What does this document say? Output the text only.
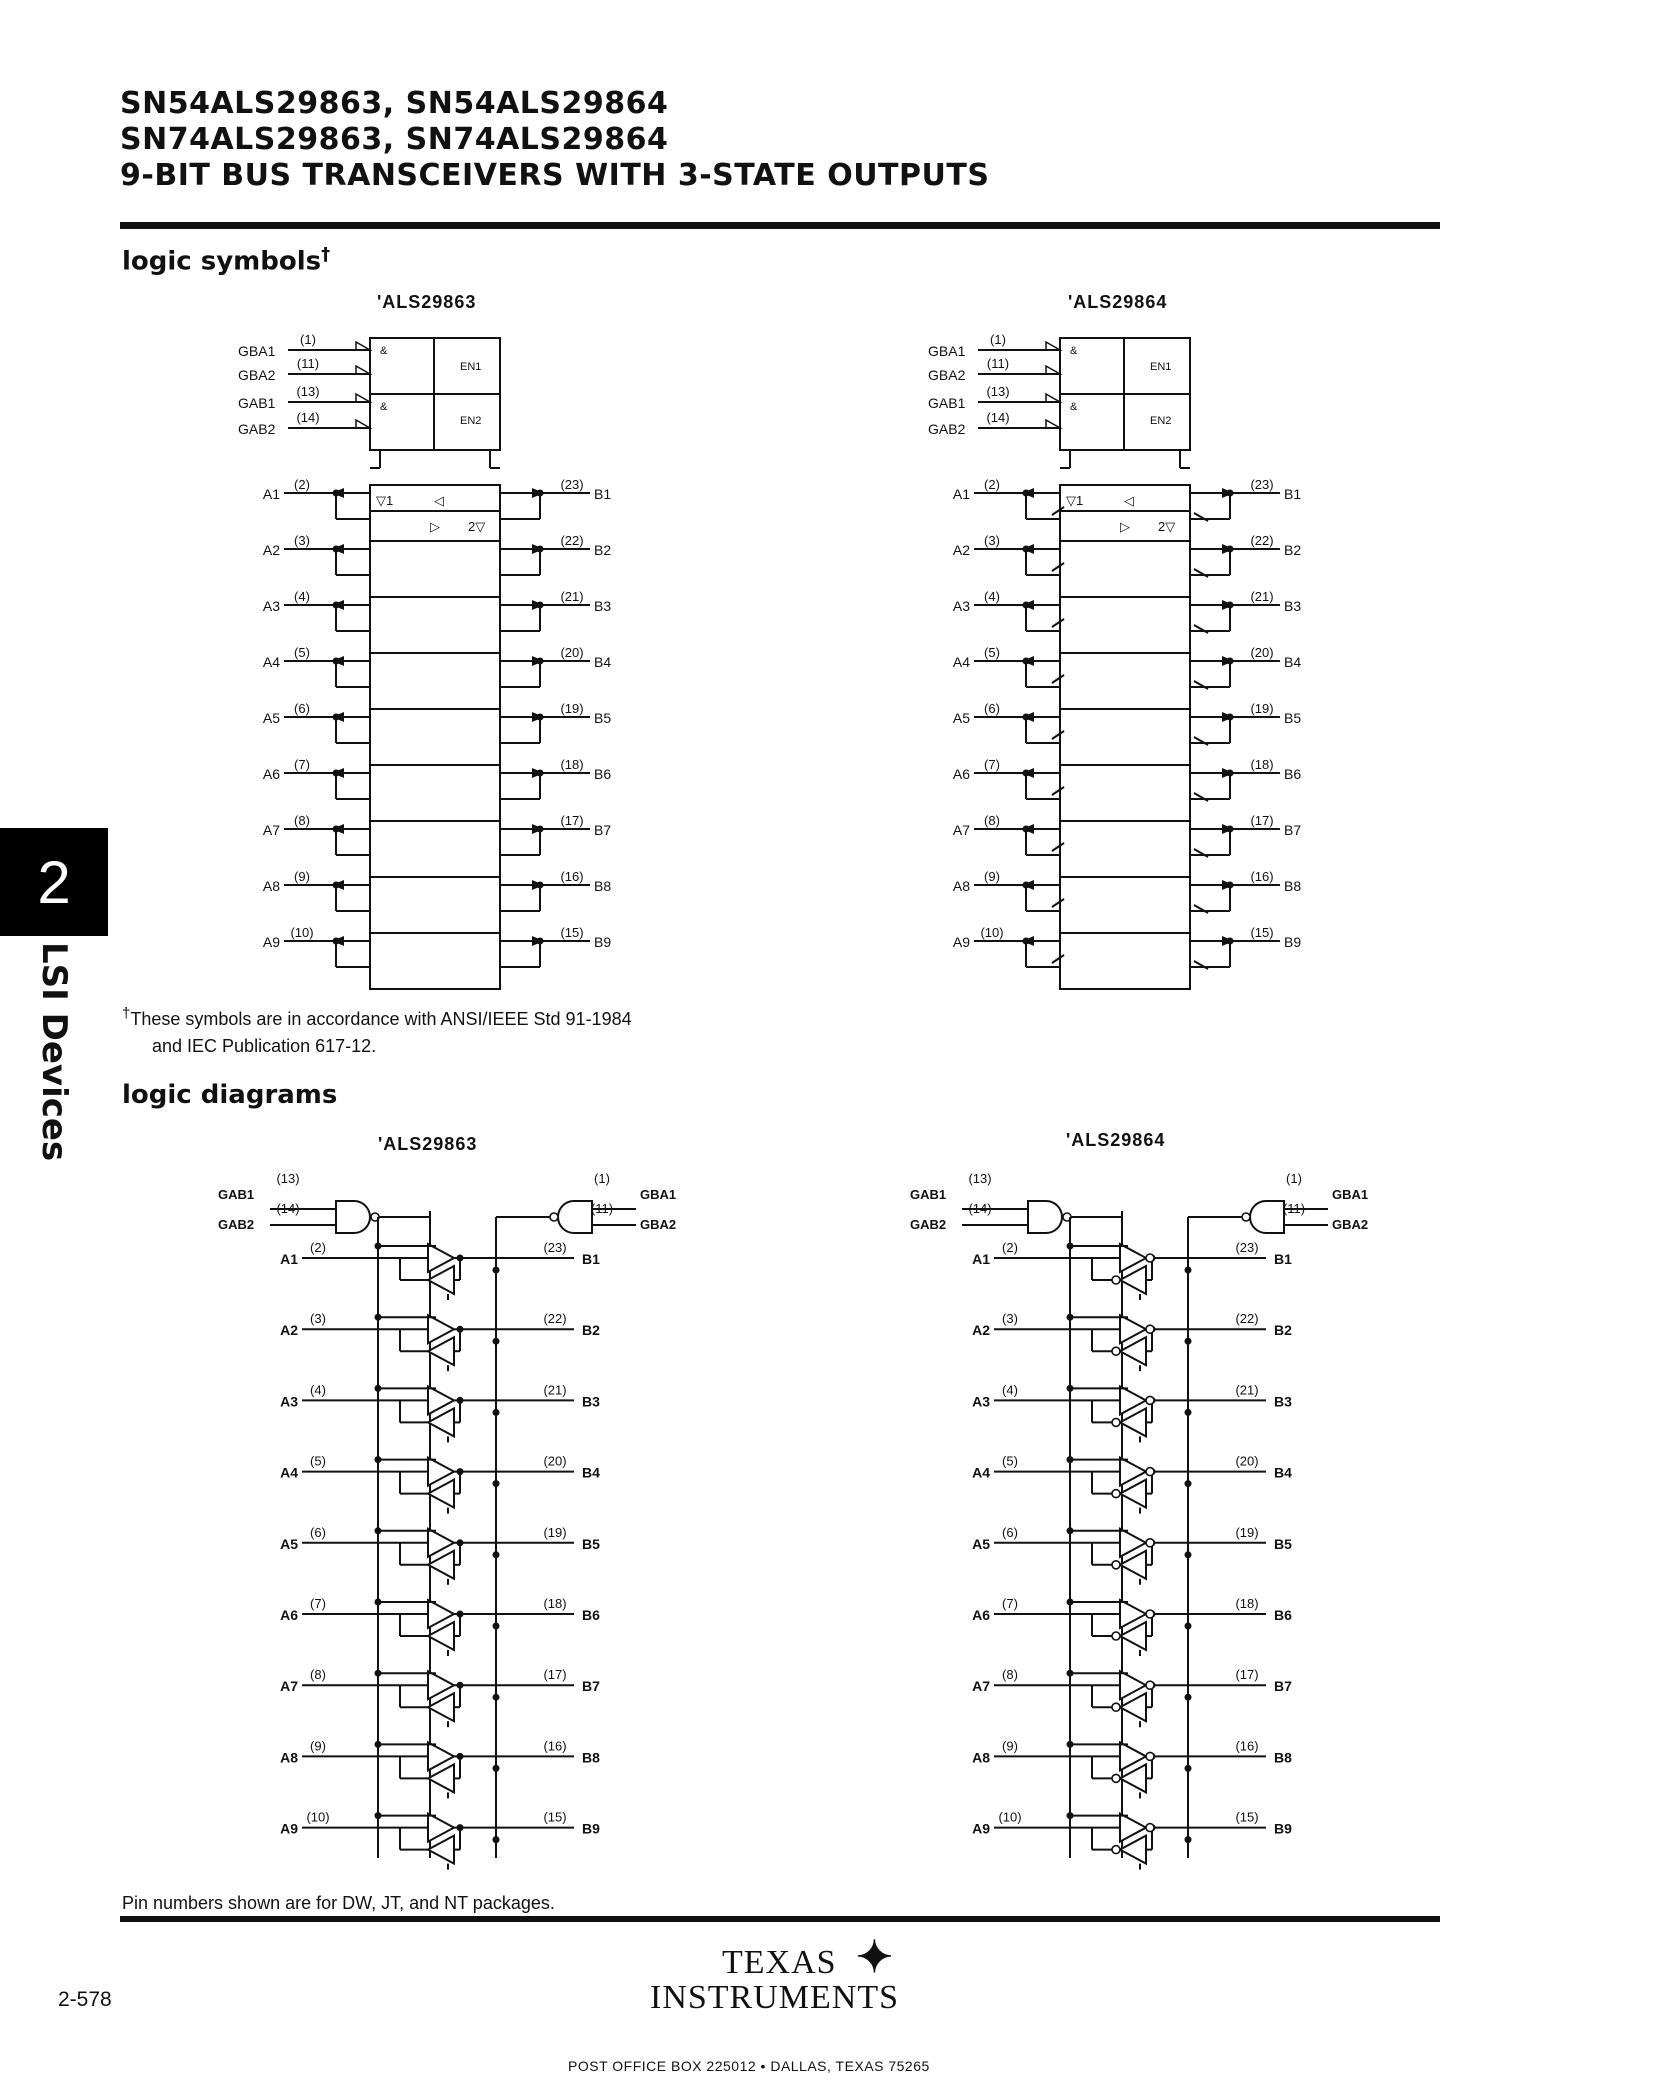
SN54ALS29863, SN54ALS29864
SN74ALS29863, SN74ALS29864
9-BIT BUS TRANSCEIVERS WITH 3-STATE OUTPUTS
logic symbols†
'ALS29863	'ALS29864
†These symbols are in accordance with ANSI/IEEE Std 91-1984
and IEC Publication 617-12.
logic diagrams
'ALS29863	'ALS29864
Pin numbers shown are for DW, JT, and NT packages.
2
LSI Devices
2-578
TEXAS
INSTRUMENTS
✦
POST OFFICE BOX 225012 • DALLAS, TEXAS 75265
&
&
EN1
EN2
GBA1
(1)
GBA2
(11)
GAB1
(13)
GAB2
(14)
A1
(2)
B1
(23)
A2
(3)
B2
(22)
A3
(4)
B3
(21)
A4
(5)
B4
(20)
A5
(6)
B5
(19)
A6
(7)
B6
(18)
A7
(8)
B7
(17)
A8
(9)
B8
(16)
A9
(10)
B9
(15)
▽1	◁
▷ 2▽
&
&
EN1
EN2
GBA1
(1)
GBA2
(11)
GAB1
(13)
GAB2
(14)
A1
(2)
B1
(23)
A2
(3)
B2
(22)
A3
(4)
B3
(21)
A4
(5)
B4
(20)
A5
(6)
B5
(19)
A6
(7)
B6
(18)
A7
(8)
B7
(17)
A8
(9)
B8
(16)
A9
(10)
B9
(15)
▽1	◁
▷ 2▽
GAB1
GAB2
(13)
(14)
GBA1
GBA2
(1)
(11)
A1
(2)
B1
(23)
A2
(3)
B2
(22)
A3
(4)
B3
(21)
A4
(5)
B4
(20)
A5
(6)
B5
(19)
A6
(7)
B6
(18)
A7
(8)
B7
(17)
A8
(9)
B8
(16)
A9
(10)
B9
(15)
GAB1
GAB2
(13)
(14)
GBA1
GBA2
(1)
(11)
A1
(2)
B1
(23)
A2
(3)
B2
(22)
A3
(4)
B3
(21)
A4
(5)
B4
(20)
A5
(6)
B5
(19)
A6
(7)
B6
(18)
A7
(8)
B7
(17)
A8
(9)
B8
(16)
A9
(10)
B9
(15)
